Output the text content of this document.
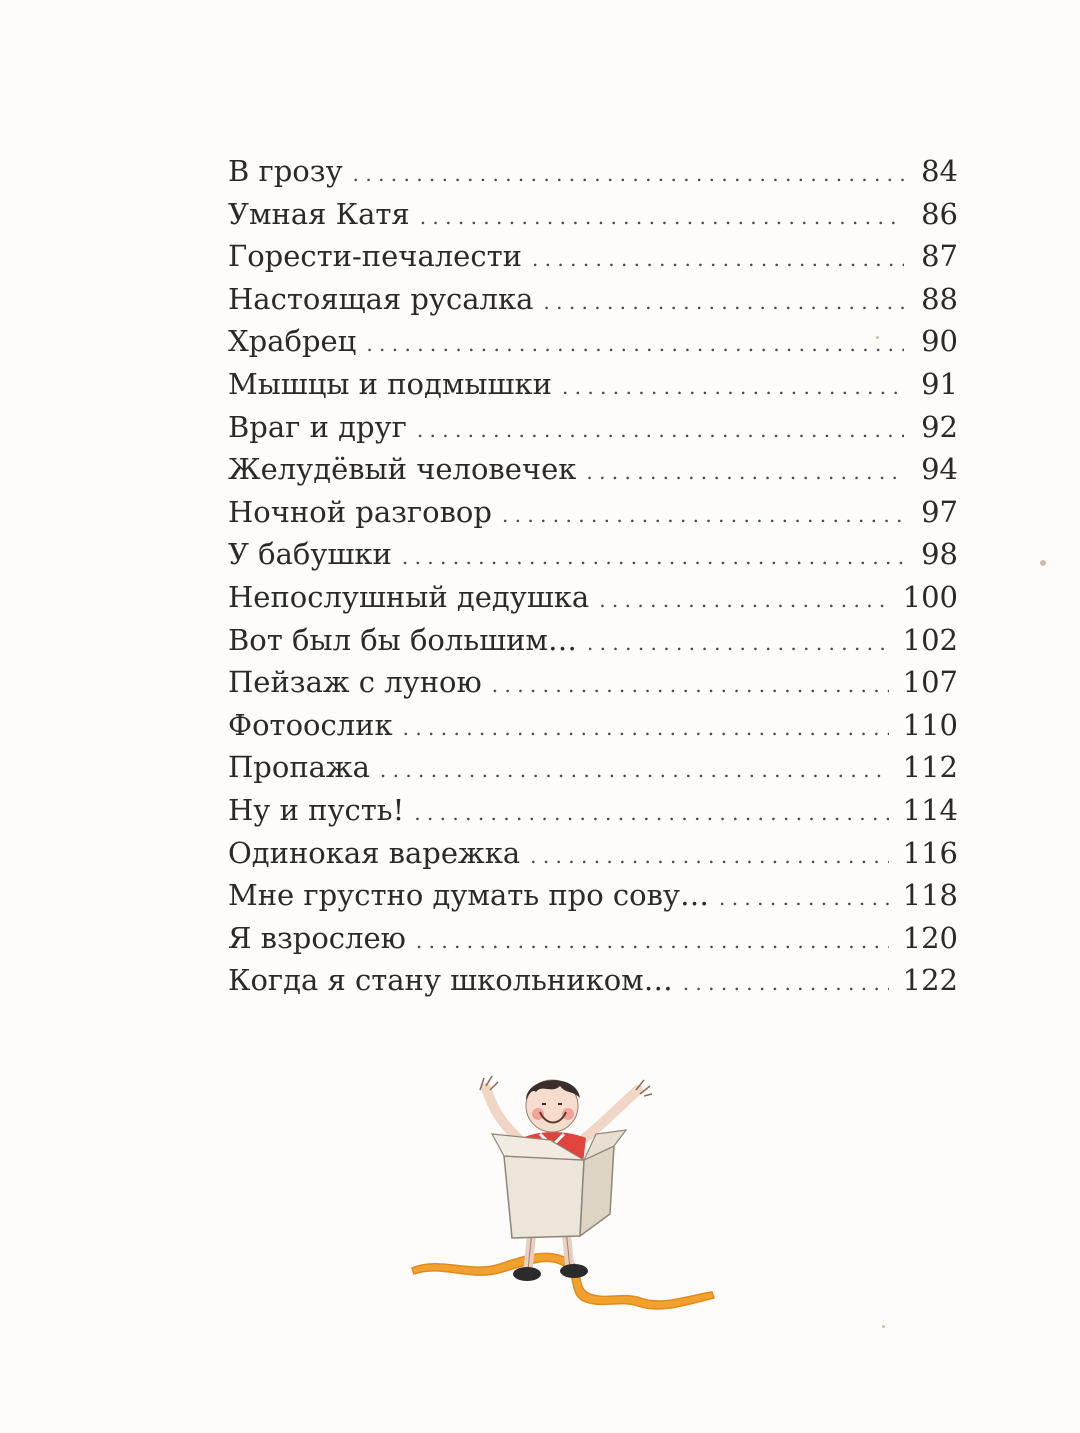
В грозу . . .	84
Умная Катя . . .	86
Горести-печалести . . .	87
Настоящая русалка . . .	88
Храбрец . . .	90
Мышцы и подмышки . . .	91
Враг и друг . . .	92
Желудёвый человечек . . .	94
Ночной разговор . . .	97
У бабушки . . .	98
Непослушный дедушка . . .	100
Вот был бы большим… . . .	102
Пейзаж с луною . . .	107
Фотоослик . . .	110
Пропажа . . .	112
Ну и пусть! . . .	114
Одинокая варежка . . .	116
Мне грустно думать про сову… . . .	118
Я взрослею . . .	120
Когда я стану школьником… . . .	122
